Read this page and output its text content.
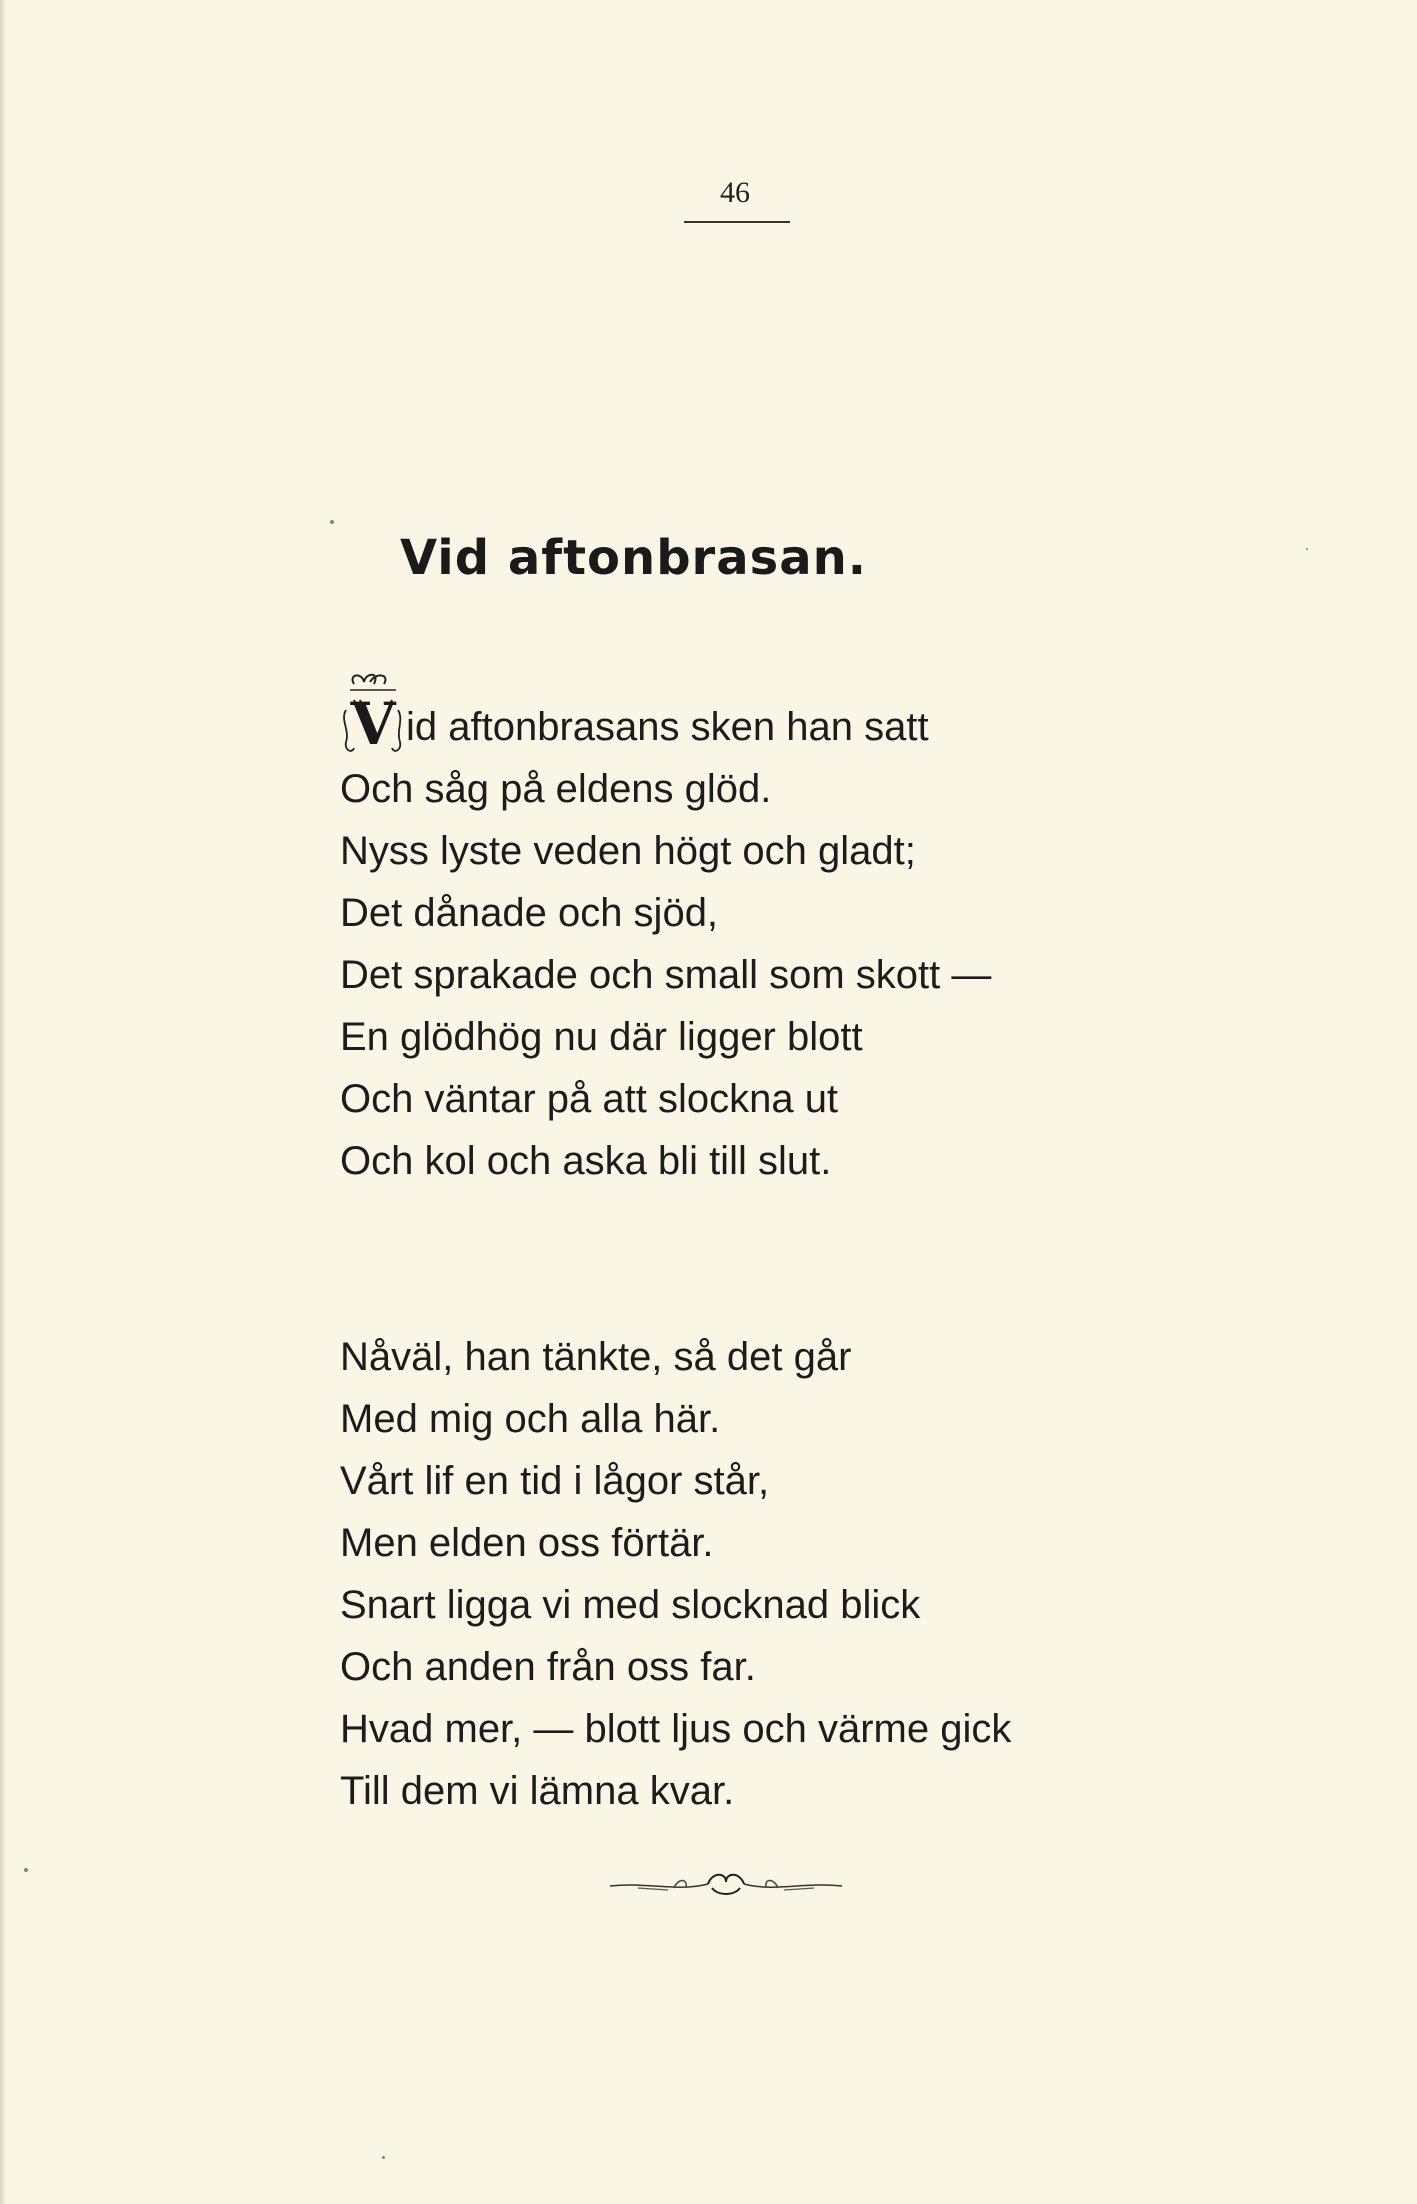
46
Vid aftonbrasan.
V id aftonbrasans sken han satt
Och såg på eldens glöd.
Nyss lyste veden högt och gladt;
Det dånade och sjöd,
Det sprakade och small som skott —
En glödhög nu där ligger blott
Och väntar på att slockna ut
Och kol och aska bli till slut.
Nåväl, han tänkte, så det går
Med mig och alla här.
Vårt lif en tid i lågor står,
Men elden oss förtär.
Snart ligga vi med slocknad blick
Och anden från oss far.
Hvad mer, — blott ljus och värme gick
Till dem vi lämna kvar.
